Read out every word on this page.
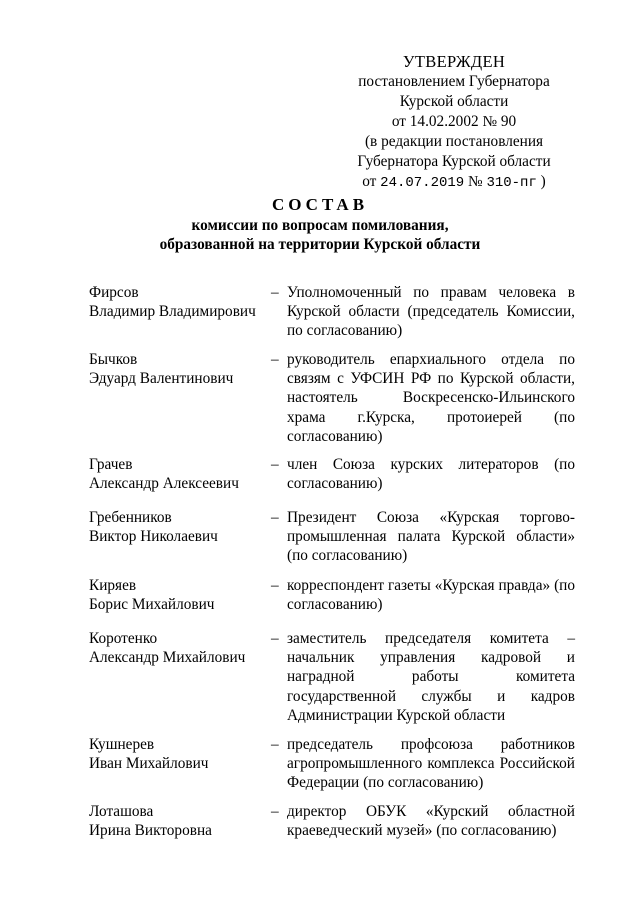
УТВЕРЖДЕН
постановлением Губернатора
Курской области
от 14.02.2002 № 90
(в редакции постановления
Губернатора Курской области
от 24.07.2019 № 310-пг )
СОСТАВ
комиссии по вопросам помилования,
образованной на территории Курской области
Фирсов
Владимир Владимирович
– Уполномоченный по правам человека в
Курской области (председатель Комиссии,
по согласованию)
Бычков
Эдуард Валентинович
– руководитель епархиального отдела по
связям с УФСИН РФ по Курской области,
настоятель Воскресенско-Ильинского
храма г.Курска, протоиерей (по
согласованию)
Грачев
Александр Алексеевич
– член Союза курских литераторов (по
согласованию)
Гребенников
Виктор Николаевич
– Президент Союза «Курская торгово-
промышленная палата Курской области»
(по согласованию)
Киряев
Борис Михайлович
– корреспондент газеты «Курская правда» (по
согласованию)
Коротенко
Александр Михайлович
– заместитель председателя комитета –
начальник управления кадровой и
наградной работы комитета
государственной службы и кадров
Администрации Курской области
Кушнерев
Иван Михайлович
– председатель профсоюза работников
агропромышленного комплекса Российской
Федерации (по согласованию)
Лоташова
Ирина Викторовна
– директор ОБУК «Курский областной
краеведческий музей» (по согласованию)
